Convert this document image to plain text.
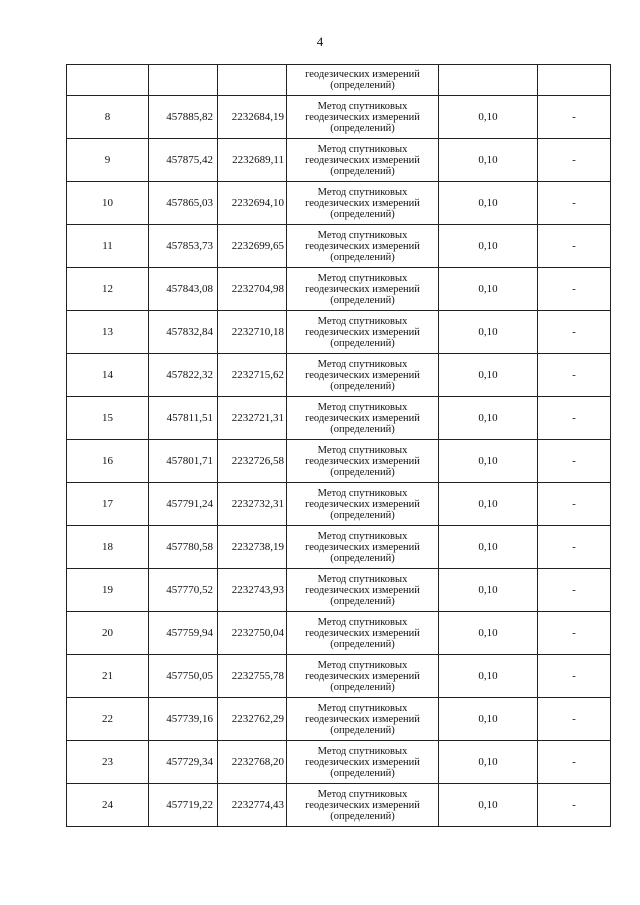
4

			геодезических измерений
(определений)		

8	457885,82	2232684,19	Метод спутниковых
геодезических измерений
(определений)	0,10	-
9	457875,42	2232689,11	Метод спутниковых
геодезических измерений
(определений)	0,10	-
10	457865,03	2232694,10	Метод спутниковых
геодезических измерений
(определений)	0,10	-
11	457853,73	2232699,65	Метод спутниковых
геодезических измерений
(определений)	0,10	-
12	457843,08	2232704,98	Метод спутниковых
геодезических измерений
(определений)	0,10	-
13	457832,84	2232710,18	Метод спутниковых
геодезических измерений
(определений)	0,10	-
14	457822,32	2232715,62	Метод спутниковых
геодезических измерений
(определений)	0,10	-
15	457811,51	2232721,31	Метод спутниковых
геодезических измерений
(определений)	0,10	-
16	457801,71	2232726,58	Метод спутниковых
геодезических измерений
(определений)	0,10	-
17	457791,24	2232732,31	Метод спутниковых
геодезических измерений
(определений)	0,10	-
18	457780,58	2232738,19	Метод спутниковых
геодезических измерений
(определений)	0,10	-
19	457770,52	2232743,93	Метод спутниковых
геодезических измерений
(определений)	0,10	-
20	457759,94	2232750,04	Метод спутниковых
геодезических измерений
(определений)	0,10	-
21	457750,05	2232755,78	Метод спутниковых
геодезических измерений
(определений)	0,10	-
22	457739,16	2232762,29	Метод спутниковых
геодезических измерений
(определений)	0,10	-
23	457729,34	2232768,20	Метод спутниковых
геодезических измерений
(определений)	0,10	-
24	457719,22	2232774,43	Метод спутниковых
геодезических измерений
(определений)	0,10	-
